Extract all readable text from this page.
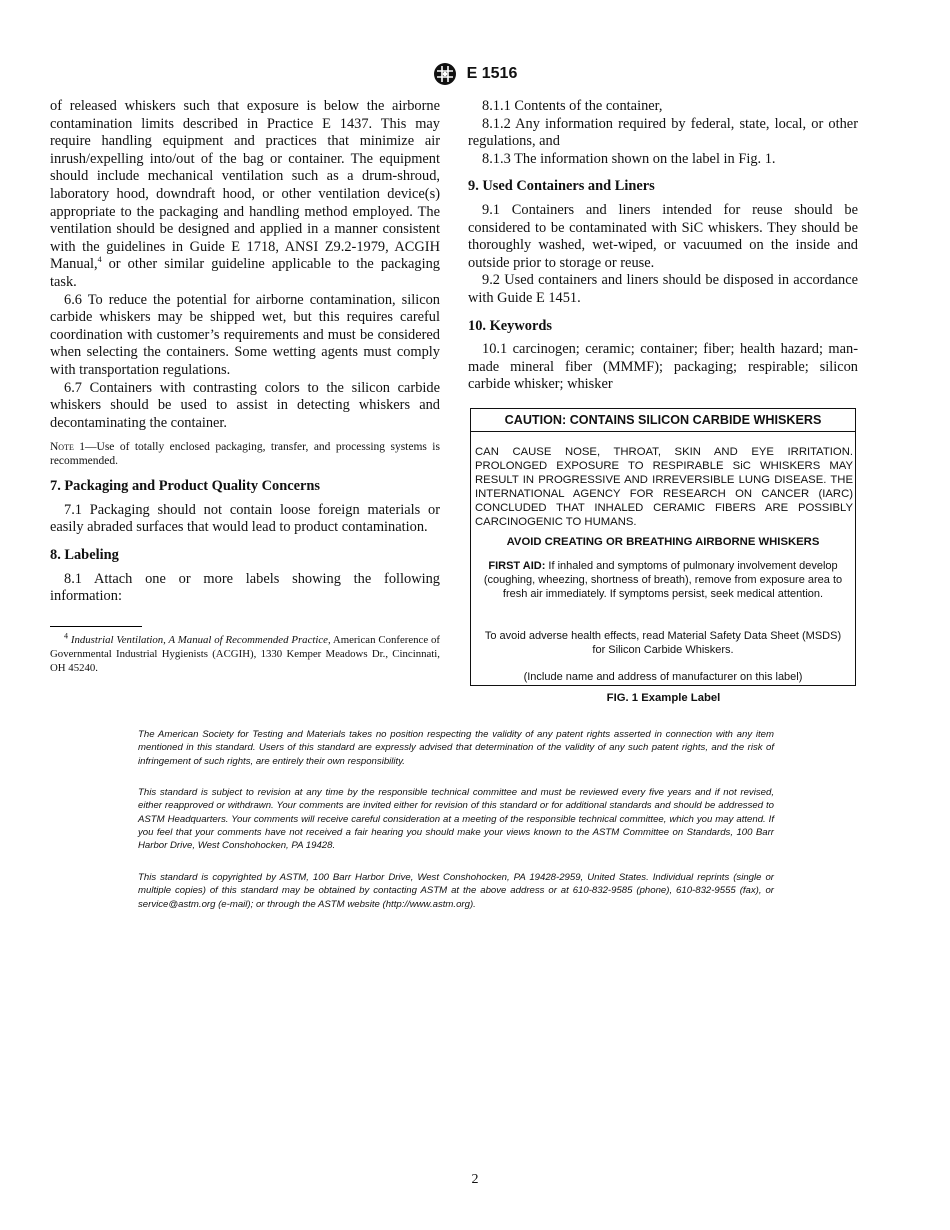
E 1516

of released whiskers such that exposure is below the airborne contamination limits described in Practice E 1437. This may require handling equipment and practices that minimize air inrush/expelling into/out of the bag or container. The equipment should include mechanical ventilation such as a drum-shroud, laboratory hood, downdraft hood, or other ventilation device(s) appropriate to the packaging and handling method employed. The ventilation should be designed and applied in a manner consistent with the guidelines in Guide E 1718, ANSI Z9.2-1979, ACGIH Manual,$^4$ or other similar guideline applicable to the packaging task.

6.6 To reduce the potential for airborne contamination, silicon carbide whiskers may be shipped wet, but this requires careful coordination with customer’s requirements and must be considered when selecting the containers. Some wetting agents must comply with transportation regulations.

6.7 Containers with contrasting colors to the silicon carbide whiskers should be used to assist in detecting whiskers and decontaminating the container.

Note 1—Use of totally enclosed packaging, transfer, and processing systems is recommended.

7. Packaging and Product Quality Concerns

7.1 Packaging should not contain loose foreign materials or easily abraded surfaces that would lead to product contamination.

8. Labeling

8.1 Attach one or more labels showing the following information:

$^4$ Industrial Ventilation, A Manual of Recommended Practice, American Conference of Governmental Industrial Hygienists (ACGIH), 1330 Kemper Meadows Dr., Cincinnati, OH 45240.

8.1.1 Contents of the container,

8.1.2 Any information required by federal, state, local, or other regulations, and

8.1.3 The information shown on the label in Fig. 1.

9. Used Containers and Liners

9.1 Containers and liners intended for reuse should be considered to be contaminated with SiC whiskers. They should be thoroughly washed, wet-wiped, or vacuumed on the inside and outside prior to storage or reuse.

9.2 Used containers and liners should be disposed in accordance with Guide E 1451.

10. Keywords

10.1 carcinogen; ceramic; container; fiber; health hazard; man-made mineral fiber (MMMF); packaging; respirable; silicon carbide whisker; whisker

CAUTION: CONTAINS SILICON CARBIDE WHISKERS
CAN CAUSE NOSE, THROAT, SKIN AND EYE IRRITATION. PROLONGED EXPOSURE TO RESPIRABLE SiC WHISKERS MAY RESULT IN PROGRESSIVE AND IRREVERSIBLE LUNG DISEASE. THE INTERNATIONAL AGENCY FOR RESEARCH ON CANCER (IARC) CONCLUDED THAT INHALED CERAMIC FIBERS ARE POSSIBLY CARCINOGENIC TO HUMANS.
AVOID CREATING OR BREATHING AIRBORNE WHISKERS
FIRST AID: If inhaled and symptoms of pulmonary involvement develop (coughing, wheezing, shortness of breath), remove from exposure area to fresh air immediately. If symptoms persist, seek medical attention.
To avoid adverse health effects, read Material Safety Data Sheet (MSDS) for Silicon Carbide Whiskers.
(Include name and address of manufacturer on this label)
FIG. 1 Example Label

The American Society for Testing and Materials takes no position respecting the validity of any patent rights asserted in connection with any item mentioned in this standard. Users of this standard are expressly advised that determination of the validity of any such patent rights, and the risk of infringement of such rights, are entirely their own responsibility.

This standard is subject to revision at any time by the responsible technical committee and must be reviewed every five years and if not revised, either reapproved or withdrawn. Your comments are invited either for revision of this standard or for additional standards and should be addressed to ASTM Headquarters. Your comments will receive careful consideration at a meeting of the responsible technical committee, which you may attend. If you feel that your comments have not received a fair hearing you should make your views known to the ASTM Committee on Standards, 100 Barr Harbor Drive, West Conshohocken, PA 19428.

This standard is copyrighted by ASTM, 100 Barr Harbor Drive, West Conshohocken, PA 19428-2959, United States. Individual reprints (single or multiple copies) of this standard may be obtained by contacting ASTM at the above address or at 610-832-9585 (phone), 610-832-9555 (fax), or service@astm.org (e-mail); or through the ASTM website (http://www.astm.org).

2
